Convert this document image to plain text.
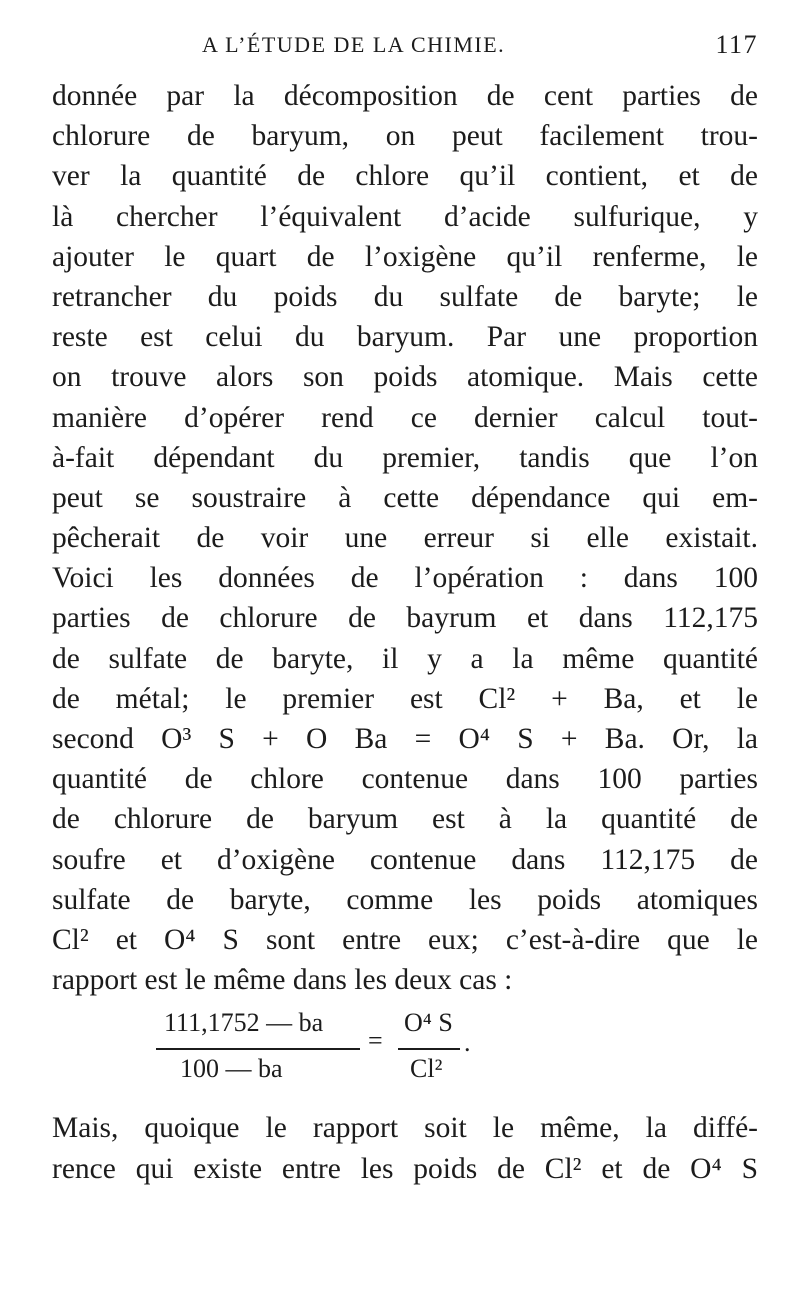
A L’ÉTUDE DE LA CHIMIE.	117
donnée par la décomposition de cent parties de
chlorure de baryum, on peut facilement trou-
ver la quantité de chlore qu’il contient, et de
là chercher l’équivalent d’acide sulfurique, y
ajouter le quart de l’oxigène qu’il renferme, le
retrancher du poids du sulfate de baryte; le
reste est celui du baryum. Par une proportion
on trouve alors son poids atomique. Mais cette
manière d’opérer rend ce dernier calcul tout-
à-fait dépendant du premier, tandis que l’on
peut se soustraire à cette dépendance qui em-
pêcherait de voir une erreur si elle existait.
Voici les données de l’opération : dans 100
parties de chlorure de bayrum et dans 112,175
de sulfate de baryte, il y a la même quantité
de métal; le premier est Cl² + Ba, et le
second O³ S + O Ba = O⁴ S + Ba. Or, la
quantité de chlore contenue dans 100 parties
de chlorure de baryum est à la quantité de
soufre et d’oxigène contenue dans 112,175 de
sulfate de baryte, comme les poids atomiques
Cl² et O⁴ S sont entre eux; c’est-à-dire que le
rapport est le même dans les deux cas :
111,1752 — ba
100 — ba
=
O⁴ S
Cl²
.
Mais, quoique le rapport soit le même, la diffé-
rence qui existe entre les poids de Cl² et de O⁴ S
